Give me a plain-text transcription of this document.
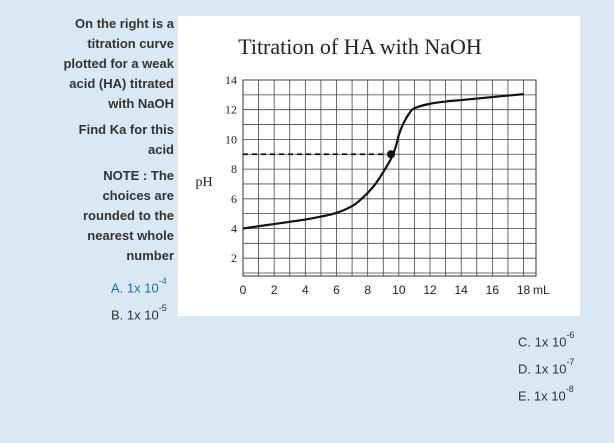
On the right is a
titration curve
plotted for a weak
acid (HA) titrated
with NaOH
Find Ka for this
acid
NOTE : The
choices are
rounded to the
nearest whole
number
A. 1x $10^{-4}$
B. 1x $10^{-5}$
C. 1x $10^{-6}$
D. 1x $10^{-7}$
E. 1x $10^{-8}$
Titration of HA with NaOH
pH
mL
2
4
6
8
10
12
14
0 2 4 6 8 10 12 14 16 18
